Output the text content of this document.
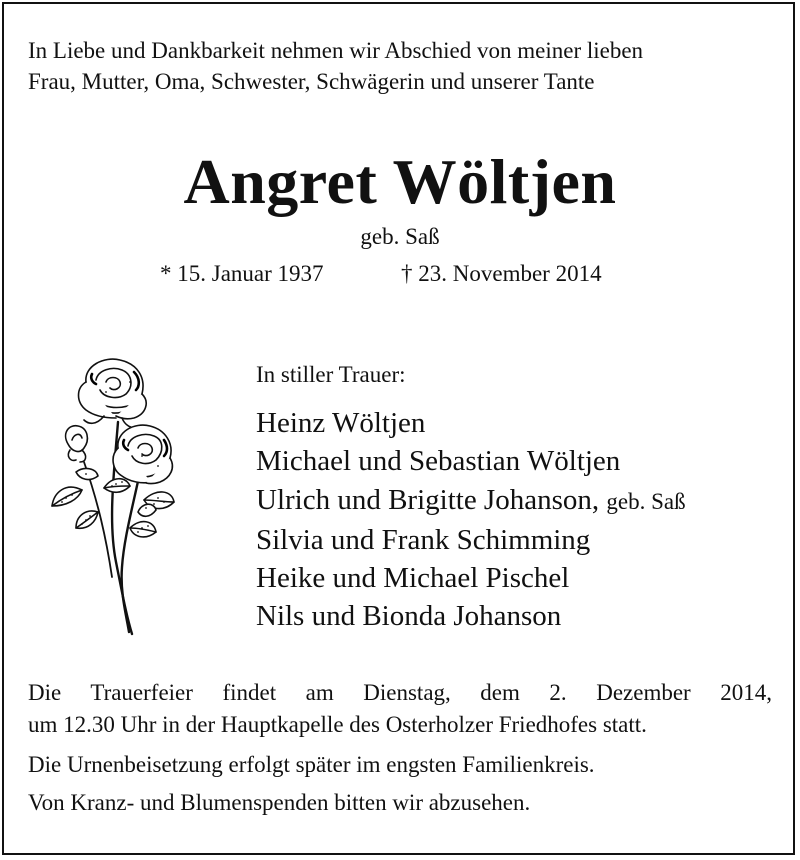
In Liebe und Dankbarkeit nehmen wir Abschied von meiner lieben
Frau, Mutter, Oma, Schwester, Schwägerin und unserer Tante

Angret Wöltjen
geb. Saß
* 15. Januar 1937	† 23. November 2014
In stiller Trauer:
Heinz Wöltjen
Michael und Sebastian Wöltjen
Ulrich und Brigitte Johanson, geb. Saß
Silvia und Frank Schimming
Heike und Michael Pischel
Nils und Bionda Johanson
Die Trauerfeier findet am Dienstag, dem 2. Dezember 2014,
um 12.30 Uhr in der Hauptkapelle des Osterholzer Friedhofes statt.
Die Urnenbeisetzung erfolgt später im engsten Familienkreis.
Von Kranz- und Blumenspenden bitten wir abzusehen.
